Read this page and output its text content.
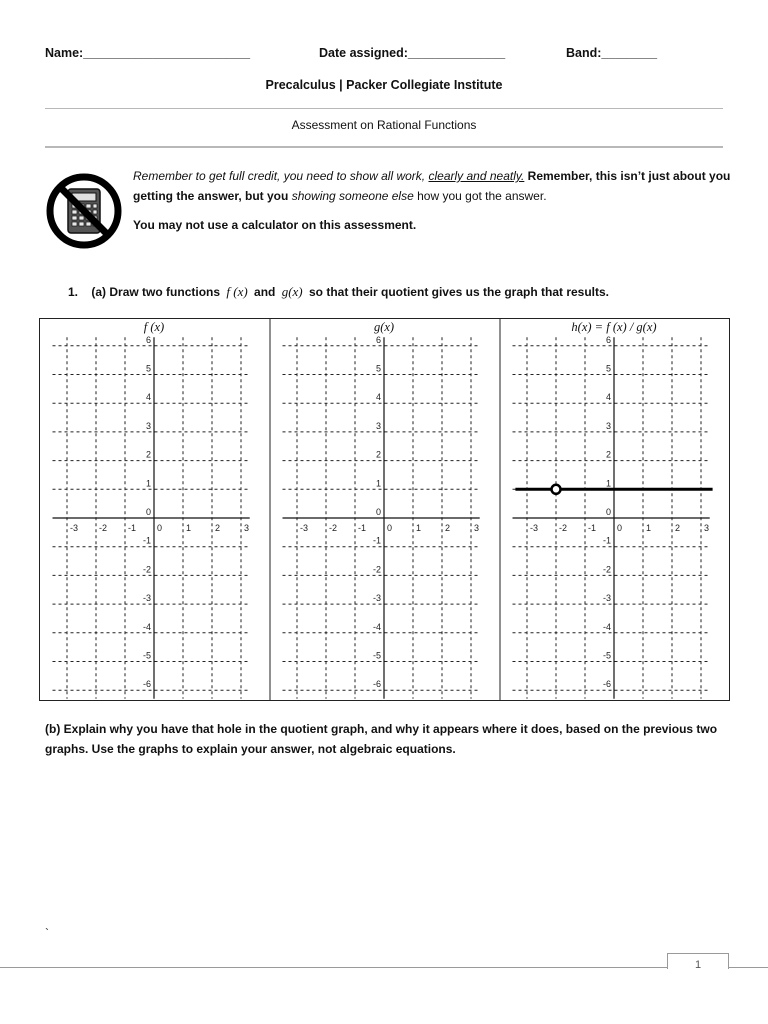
Name:________________________	Date assigned:______________	Band:________
Precalculus | Packer Collegiate Institute
Assessment on Rational Functions
Remember to get full credit, you need to show all work, clearly and neatly. Remember, this isn’t just about you getting the answer, but you showing someone else how you got the answer.
You may not use a calculator on this assessment.
1. (a) Draw two functions f (x) and g(x) so that their quotient gives us the graph that results.
f (x)
-3 -2 -1 0	1	2	3
6
5
4
3
2
1
0
-1
-2
-3
-4
-5
-6
g(x)
-3 -2 -1 0	1	2	3
6
5
4
3
2
1
0
-1
-2
-3
-4
-5
-6
h(x) = f (x) / g(x)
-3 -2 -1 0	1	2	3
6
5
4
3
2
1
0
-1
-2
-3
-4
-5
-6
(b) Explain why you have that hole in the quotient graph, and why it appears where it does, based on the previous two graphs. Use the graphs to explain your answer, not algebraic equations.
`
1
